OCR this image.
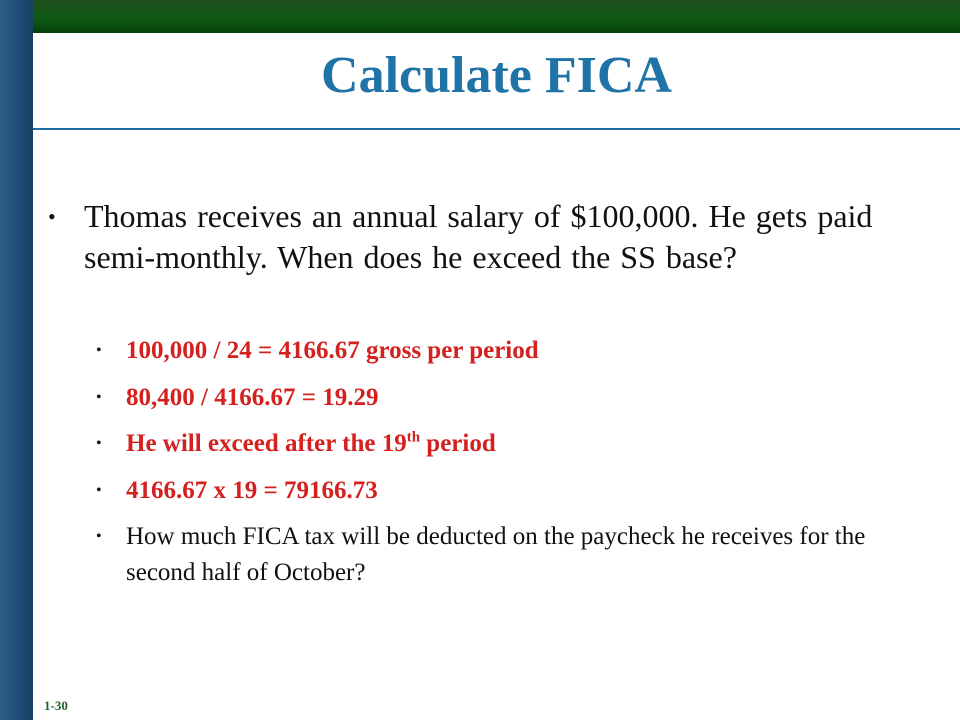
Calculate FICA
• Thomas receives an annual salary of $100,000. He gets paid semi-monthly. When does he exceed the SS base?
• 100,000 / 24 = 4166.67 gross per period
• 80,400 / 4166.67 = 19.29
• He will exceed after the 19th period
• 4166.67 x 19 = 79166.73
• How much FICA tax will be deducted on the paycheck he receives for the second half of October?
1-30
